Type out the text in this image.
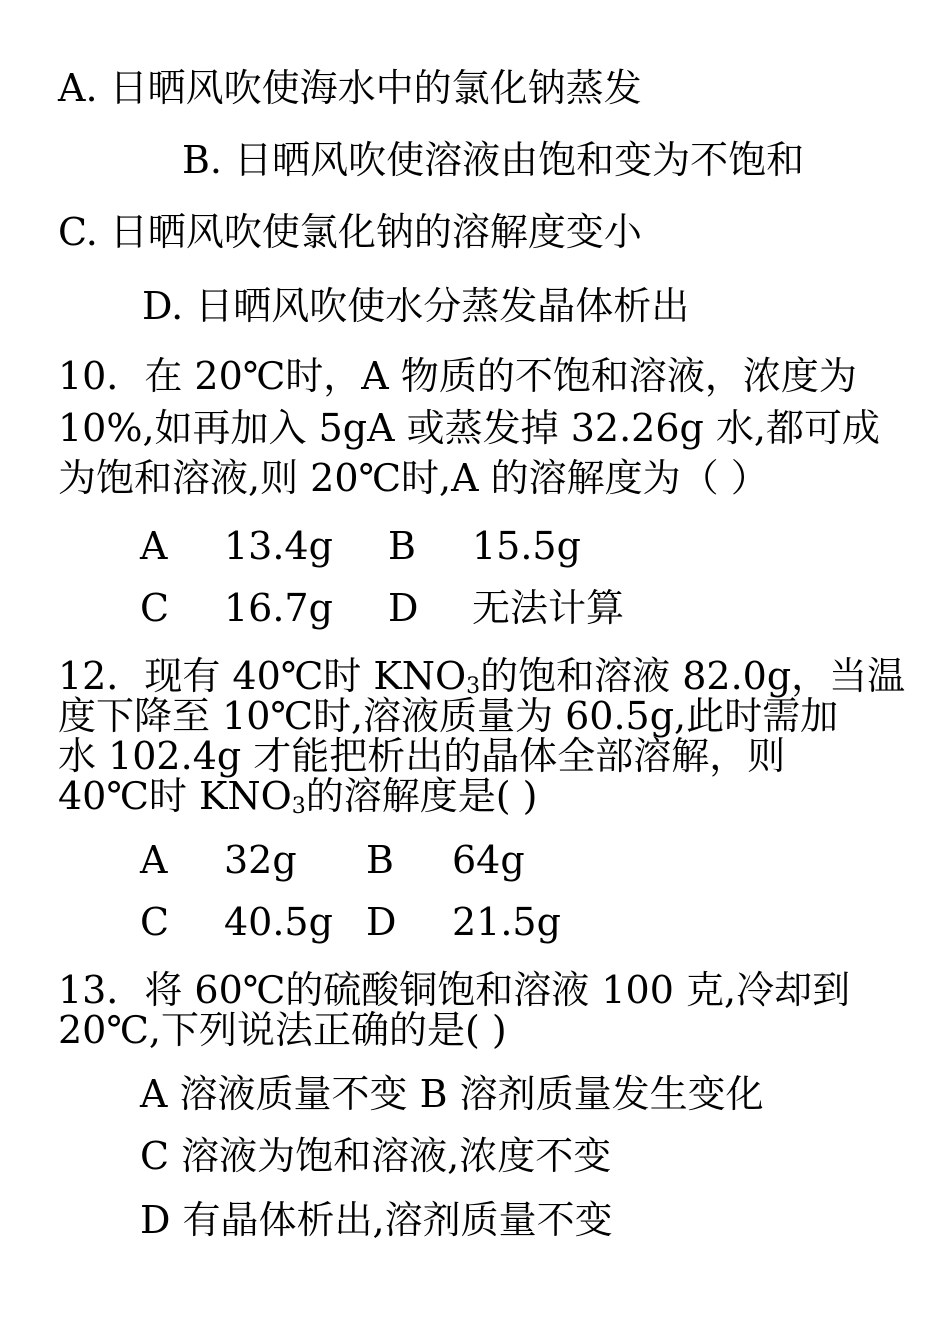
A. 日晒风吹使海水中的氯化钠蒸发
B. 日晒风吹使溶液由饱和变为不饱和
C. 日晒风吹使氯化钠的溶解度变小
D. 日晒风吹使水分蒸发晶体析出
10．在 20℃时，A 物质的不饱和溶液，浓度为
10%,如再加入 5gA 或蒸发掉 32.26g 水,都可成
为饱和溶液,则 20℃时,A 的溶解度为（ ）
A 13.4g B 15.5g
C 16.7g D 无法计算
12．现有 40℃时 $KNO_3$的饱和溶液 82.0g，当温
度下降至 10℃时,溶液质量为 60.5g,此时需加
水 102.4g 才能把析出的晶体全部溶解，则
40℃时 $KNO_3$的溶解度是( )
A 32g B 64g
C 40.5g D 21.5g
13．将 60℃的硫酸铜饱和溶液 100 克,冷却到
20℃,下列说法正确的是( )
A 溶液质量不变 B 溶剂质量发生变化
C 溶液为饱和溶液,浓度不变
D 有晶体析出,溶剂质量不变
